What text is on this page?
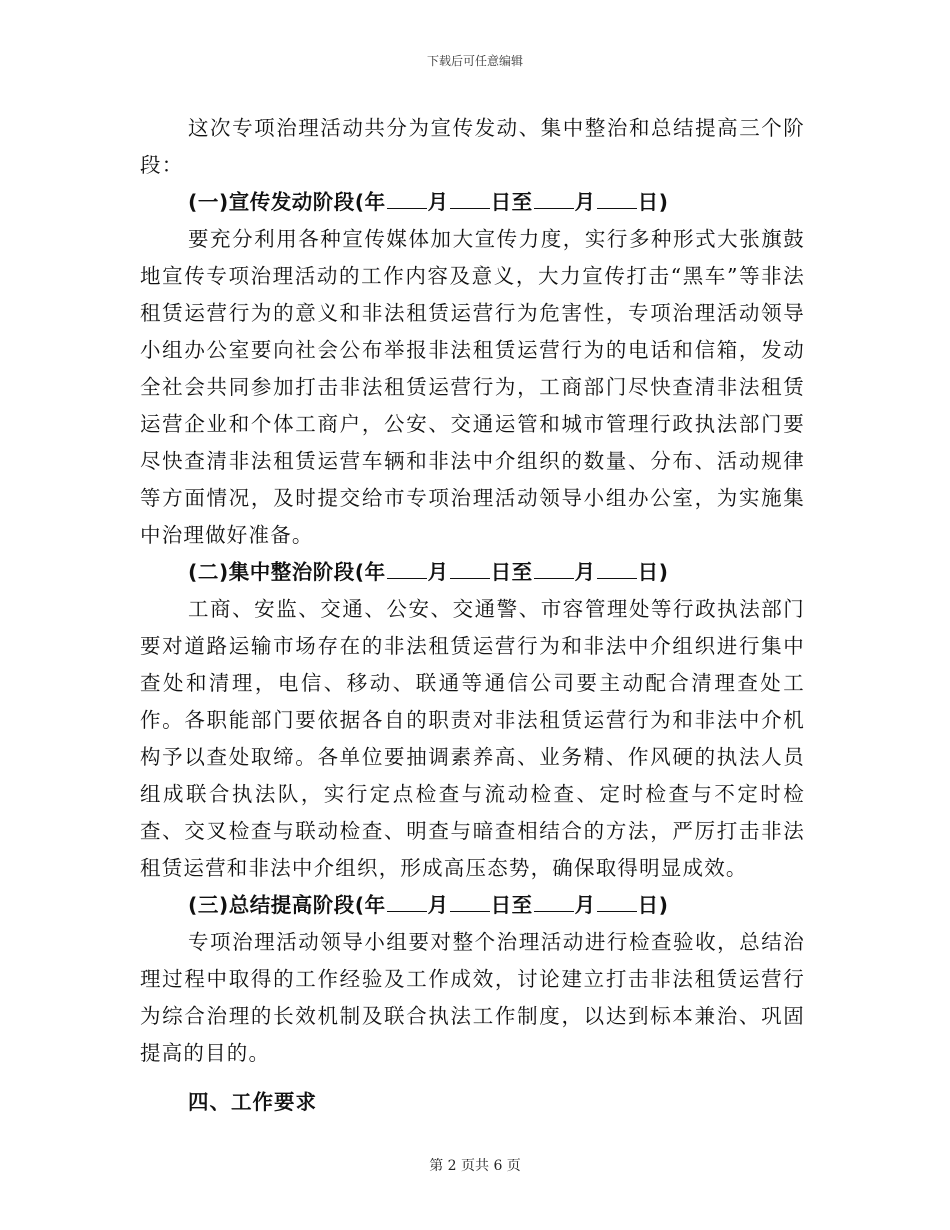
下载后可任意编辑

这次专项治理活动共分为宣传发动、集中整治和总结提高三个阶段：

(一)宣传发动阶段(年 月 日至 月 日)

要充分利用各种宣传媒体加大宣传力度，实行多种形式大张旗鼓地宣传专项治理活动的工作内容及意义，大力宣传打击“黑车”等非法租赁运营行为的意义和非法租赁运营行为危害性，专项治理活动领导小组办公室要向社会公布举报非法租赁运营行为的电话和信箱，发动全社会共同参加打击非法租赁运营行为，工商部门尽快查清非法租赁运营企业和个体工商户，公安、交通运管和城市管理行政执法部门要尽快查清非法租赁运营车辆和非法中介组织的数量、分布、活动规律等方面情况，及时提交给市专项治理活动领导小组办公室，为实施集中治理做好准备。

(二)集中整治阶段(年 月 日至 月 日)

工商、安监、交通、公安、交通警、市容管理处等行政执法部门要对道路运输市场存在的非法租赁运营行为和非法中介组织进行集中查处和清理，电信、移动、联通等通信公司要主动配合清理查处工作。各职能部门要依据各自的职责对非法租赁运营行为和非法中介机构予以查处取缔。各单位要抽调素养高、业务精、作风硬的执法人员组成联合执法队，实行定点检查与流动检查、定时检查与不定时检查、交叉检查与联动检查、明查与暗查相结合的方法，严厉打击非法租赁运营和非法中介组织，形成高压态势，确保取得明显成效。

(三)总结提高阶段(年 月 日至 月 日)

专项治理活动领导小组要对整个治理活动进行检查验收，总结治理过程中取得的工作经验及工作成效，讨论建立打击非法租赁运营行为综合治理的长效机制及联合执法工作制度，以达到标本兼治、巩固提高的目的。

四、工作要求

第 2 页共 6 页
